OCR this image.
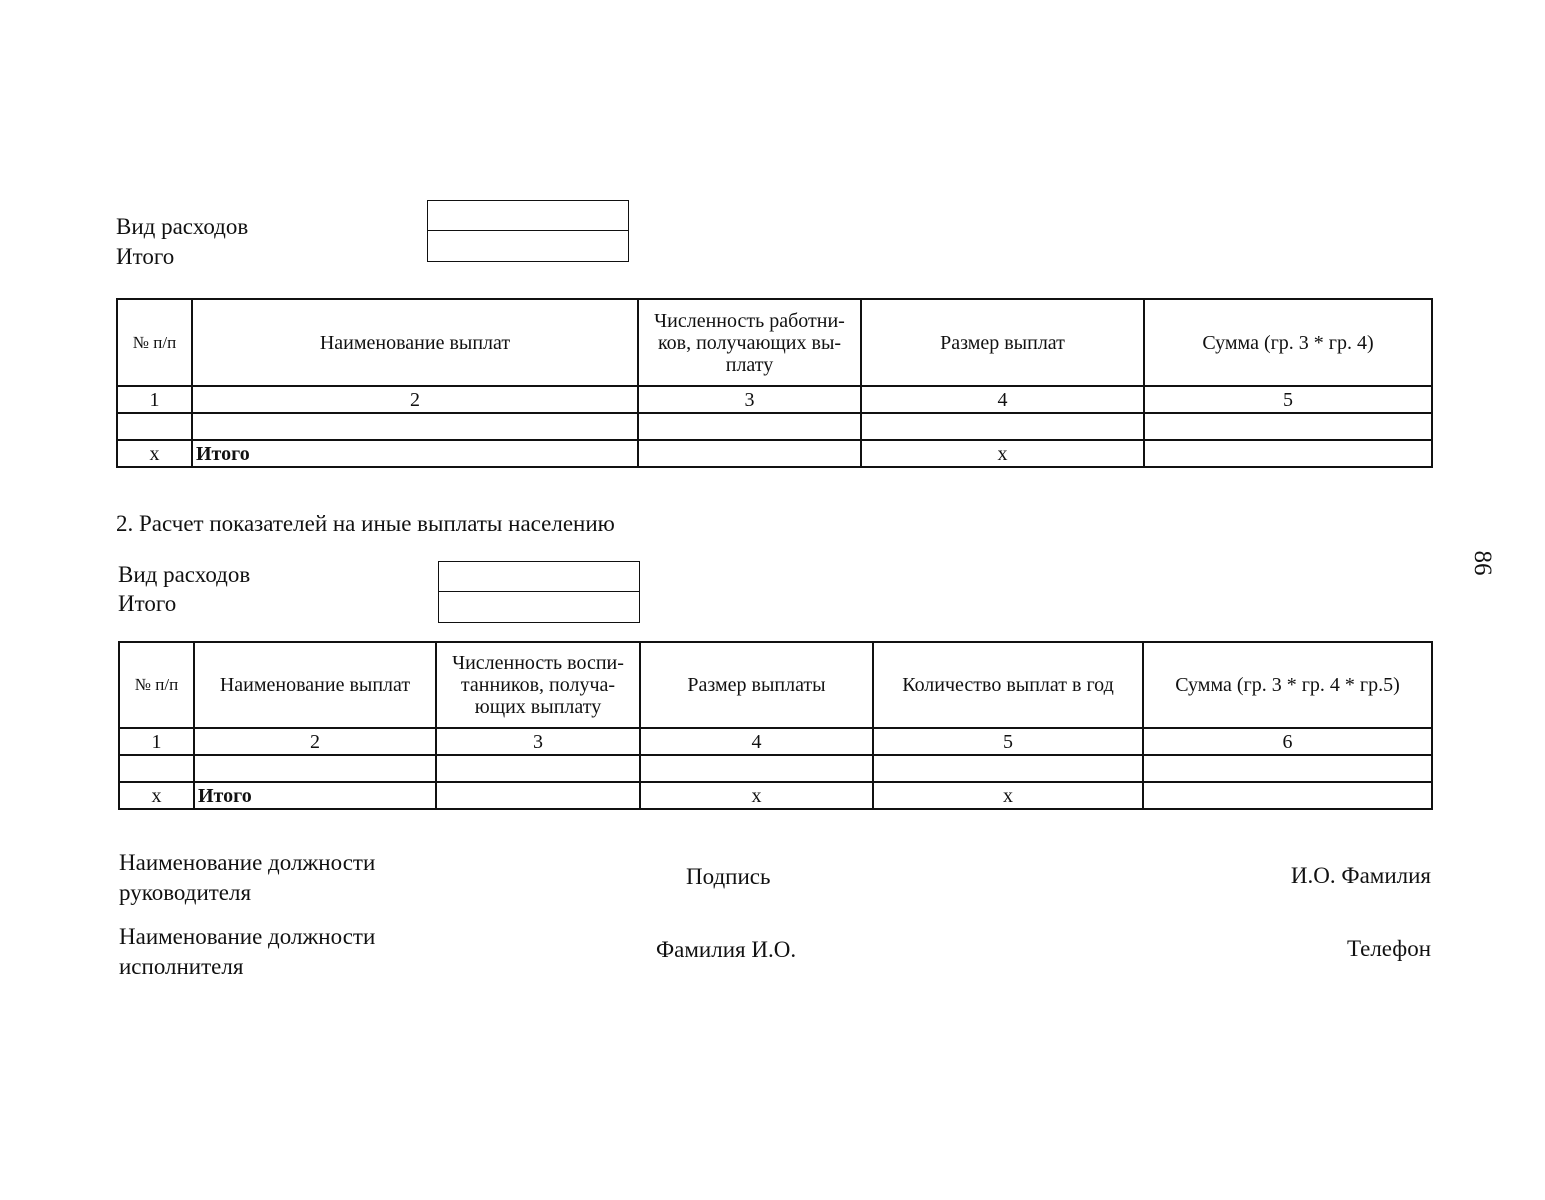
Вид расходов
Итого
№ п/п	Наименование выплат	Численность работни-ков, получающих вы-плату	Размер выплат	Сумма (гр. 3 * гр. 4)
1	2	3	4	5

х	Итого		х	
2. Расчет показателей на иные выплаты населению
Вид расходов
Итого
№ п/п	Наименование выплат	Численность воспи-танников, получа-ющих выплату	Размер выплаты	Количество выплат в год	Сумма (гр. 3 * гр. 4 * гр.5)
1	2	3	4	5	6

х	Итого		х	х	
Наименование должности
руководителя
Подпись	И.О. Фамилия
Наименование должности
исполнителя
Фамилия И.О.	Телефон
86
